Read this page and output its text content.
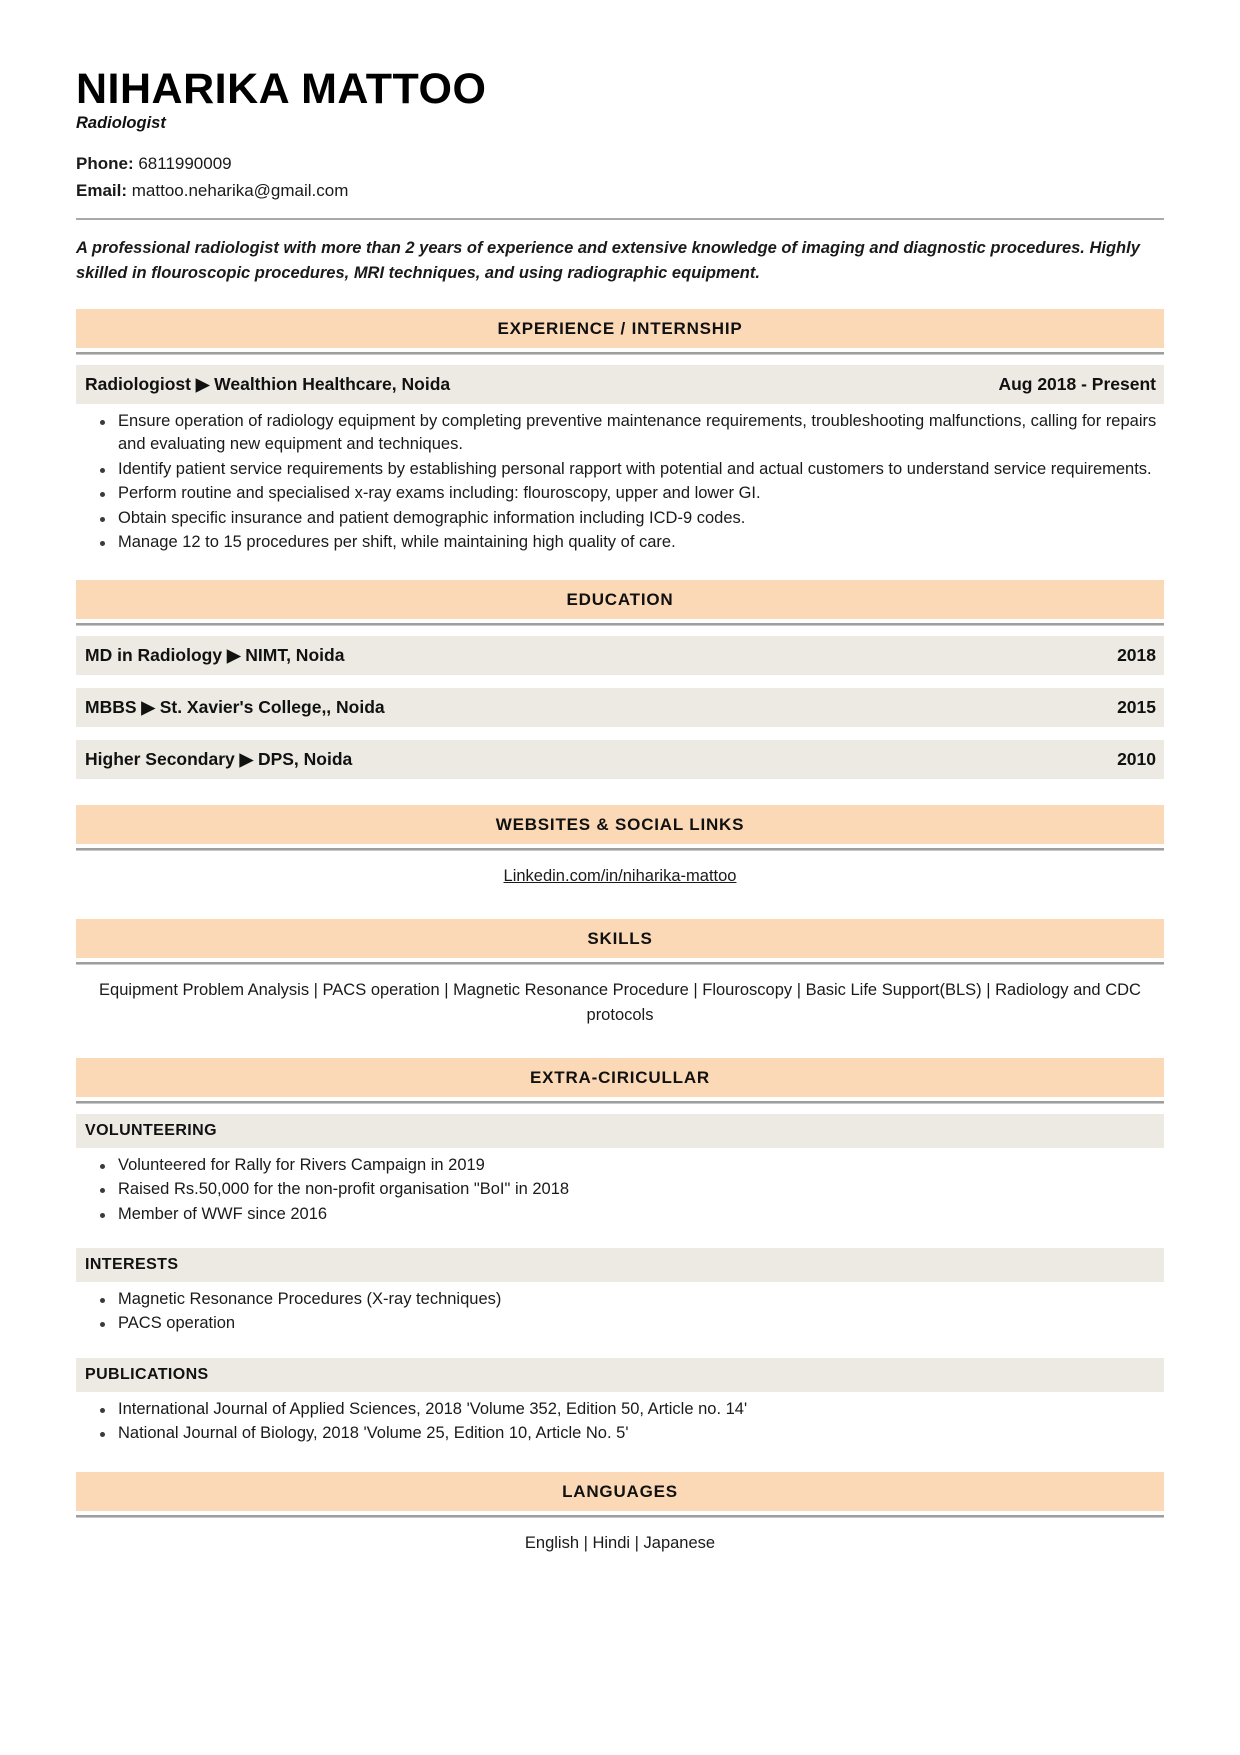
NIHARIKA MATTOO
Radiologist
Phone: 6811990009
Email: mattoo.neharika@gmail.com
A professional radiologist with more than 2 years of experience and extensive knowledge of imaging and diagnostic procedures. Highly skilled in flouroscopic procedures, MRI techniques, and using radiographic equipment.
EXPERIENCE / INTERNSHIP
Radiologiost ▶ Wealthion Healthcare, Noida	Aug 2018 - Present
Ensure operation of radiology equipment by completing preventive maintenance requirements, troubleshooting malfunctions, calling for repairs and evaluating new equipment and techniques.
Identify patient service requirements by establishing personal rapport with potential and actual customers to understand service requirements.
Perform routine and specialised x-ray exams including: flouroscopy, upper and lower GI.
Obtain specific insurance and patient demographic information including ICD-9 codes.
Manage 12 to 15 procedures per shift, while maintaining high quality of care.
EDUCATION
MD in Radiology ▶ NIMT, Noida	2018
MBBS ▶ St. Xavier's College,, Noida	2015
Higher Secondary ▶ DPS, Noida	2010
WEBSITES & SOCIAL LINKS
Linkedin.com/in/niharika-mattoo
SKILLS
Equipment Problem Analysis | PACS operation | Magnetic Resonance Procedure | Flouroscopy | Basic Life Support(BLS) | Radiology and CDC protocols
EXTRA-CIRICULLAR
VOLUNTEERING
Volunteered for Rally for Rivers Campaign in 2019
Raised Rs.50,000 for the non-profit organisation "BoI" in 2018
Member of WWF since 2016
INTERESTS
Magnetic Resonance Procedures (X-ray techniques)
PACS operation
PUBLICATIONS
International Journal of Applied Sciences, 2018 'Volume 352, Edition 50, Article no. 14'
National Journal of Biology, 2018 'Volume 25, Edition 10, Article No. 5'
LANGUAGES
English | Hindi | Japanese
